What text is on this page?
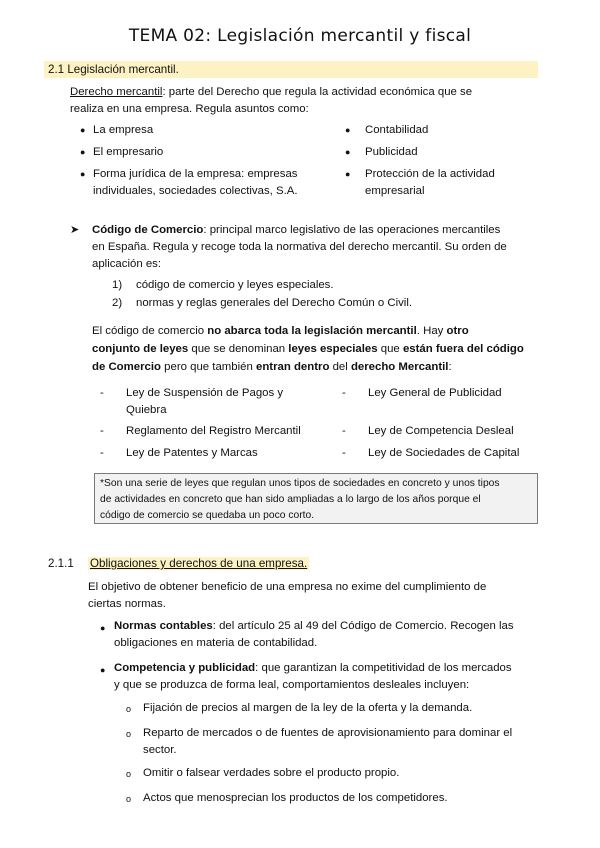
TEMA 02: Legislación mercantil y fiscal
2.1 Legislación mercantil.
Derecho mercantil: parte del Derecho que regula la actividad económica que se
realiza en una empresa. Regula asuntos como:
● La empresa
● El empresario
● Forma jurídica de la empresa: empresas
individuales, sociedades colectivas, S.A.
● Contabilidad
● Publicidad
● Protección de la actividad
empresarial
➤ Código de Comercio: principal marco legislativo de las operaciones mercantiles
en España. Regula y recoge toda la normativa del derecho mercantil. Su orden de
aplicación es:
1) código de comercio y leyes especiales.
2) normas y reglas generales del Derecho Común o Civil.
El código de comercio no abarca toda la legislación mercantil. Hay otro
conjunto de leyes que se denominan leyes especiales que están fuera del código
de Comercio pero que también entran dentro del derecho Mercantil:
- Ley de Suspensión de Pagos y
Quiebra
- Reglamento del Registro Mercantil
- Ley de Patentes y Marcas
- Ley General de Publicidad
- Ley de Competencia Desleal
- Ley de Sociedades de Capital
*Son una serie de leyes que regulan unos tipos de sociedades en concreto y unos tipos
de actividades en concreto que han sido ampliadas a lo largo de los años porque el
código de comercio se quedaba un poco corto.
2.1.1 Obligaciones y derechos de una empresa.
El objetivo de obtener beneficio de una empresa no exime del cumplimiento de
ciertas normas.
● Normas contables: del artículo 25 al 49 del Código de Comercio. Recogen las
obligaciones en materia de contabilidad.
● Competencia y publicidad: que garantizan la competitividad de los mercados
y que se produzca de forma leal, comportamientos desleales incluyen:
o Fijación de precios al margen de la ley de la oferta y la demanda.
o Reparto de mercados o de fuentes de aprovisionamiento para dominar el
sector.
o Omitir o falsear verdades sobre el producto propio.
o Actos que menosprecian los productos de los competidores.
